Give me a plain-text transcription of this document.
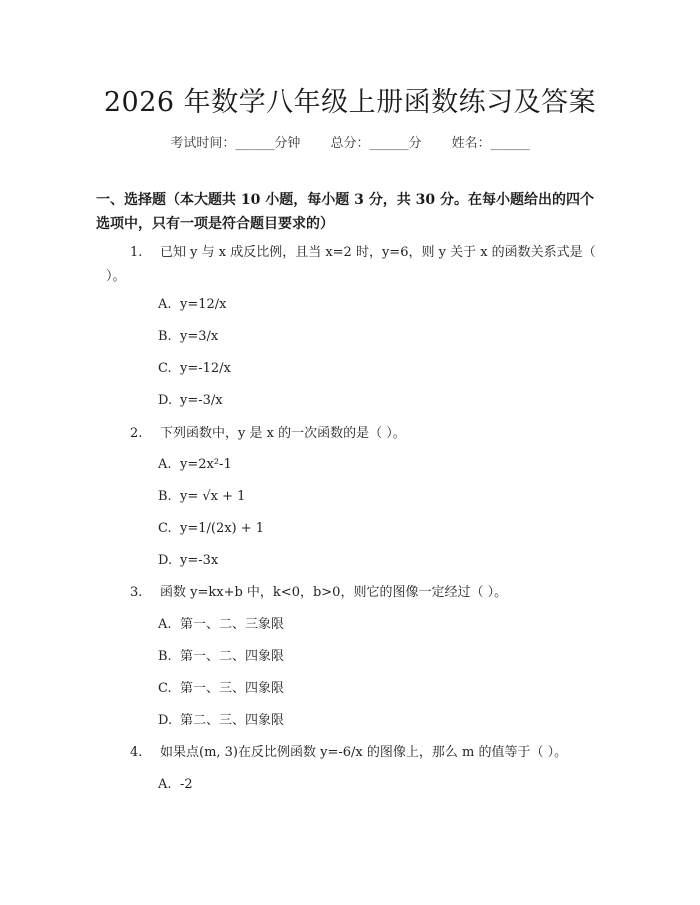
2026 年数学八年级上册函数练习及答案
考试时间：______分钟 总分：______分 姓名：______
一、选择题（本大题共 10 小题，每小题 3 分，共 30 分。在每小题给出的四个选项中，只有一项是符合题目要求的）
1. 已知 y 与 x 成反比例，且当 x=2 时，y=6，则 y 关于 x 的函数关系式是（ ）。
A. y=12/x
B. y=3/x
C. y=-12/x
D. y=-3/x
2. 下列函数中，y 是 x 的一次函数的是（ ）。
A. y=2x²-1
B. y= √x + 1
C. y=1/(2x) + 1
D. y=-3x
3. 函数 y=kx+b 中，k<0，b>0，则它的图像一定经过（ ）。
A. 第一、二、三象限
B. 第一、二、四象限
C. 第一、三、四象限
D. 第二、三、四象限
4. 如果点(m, 3)在反比例函数 y=-6/x 的图像上，那么 m 的值等于（ ）。
A. -2
